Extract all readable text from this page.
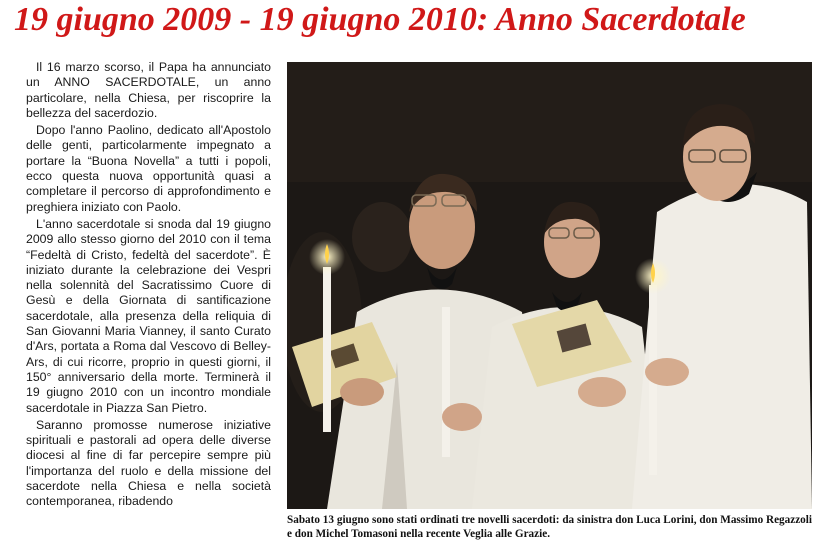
19 giugno 2009 - 19 giugno 2010: Anno Sacerdotale

Il 16 marzo scorso, il Papa ha annunciato un ANNO SACERDOTALE, un anno particolare, nella Chiesa, per riscoprire la bellezza del sacerdozio.

Dopo l'anno Paolino, dedicato all'Apostolo delle genti, particolarmente impegnato a portare la “Buona Novella” a tutti i popoli, ecco questa nuova opportunità quasi a completare il percorso di approfondimento e preghiera iniziato con Paolo.

L'anno sacerdotale si snoda dal 19 giugno 2009 allo stesso giorno del 2010 con il tema “Fedeltà di Cristo, fedeltà del sacerdote”. È iniziato durante la celebrazione dei Vespri nella solennità del Sacratissimo Cuore di Gesù e della Giornata di santificazione sacerdotale, alla presenza della reliquia di San Giovanni Maria Vianney, il santo Curato d'Ars, portata a Roma dal Vescovo di Belley-Ars, di cui ricorre, proprio in questi giorni, il 150° anniversario della morte. Terminerà il 19 giugno 2010 con un incontro mondiale sacerdotale in Piazza San Pietro.

Saranno promosse numerose iniziative spirituali e pastorali ad opera delle diverse diocesi al fine di far percepire sempre più l'importanza del ruolo e della missione del sacerdote nella Chiesa e nella società contemporanea, ribadendo

Sabato 13 giugno sono stati ordinati tre novelli sacerdoti: da sinistra don Luca Lorini, don Massimo Regazzoli e don Michel Tomasoni nella recente Veglia alle Grazie.
